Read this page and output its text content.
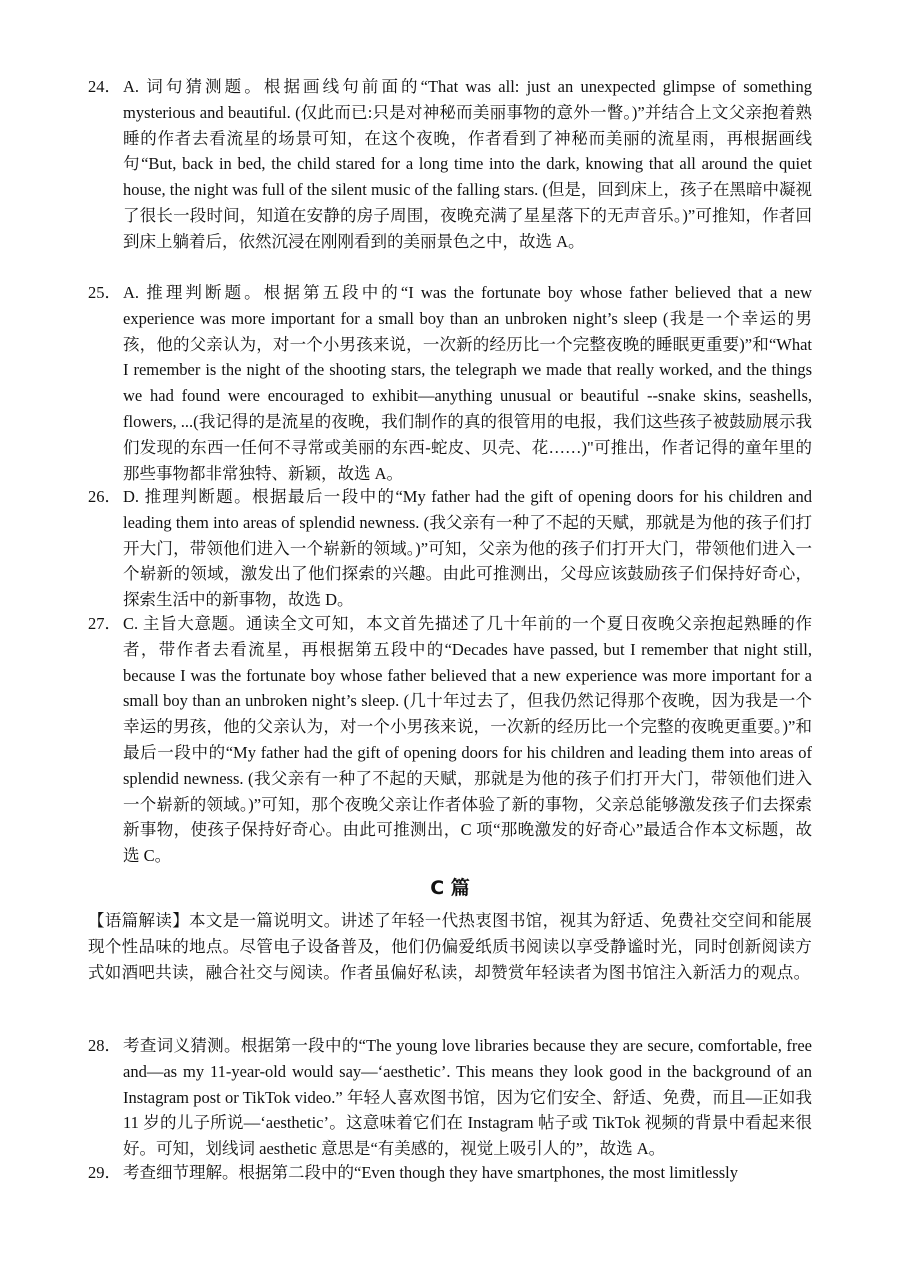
24． A. 词句猜测题。根据画线句前面的“That was all: just an unexpected glimpse of something mysterious and beautiful. (仅此而已:只是对神秘而美丽事物的意外一瞥。)”并结合上文父亲抱着熟睡的作者去看流星的场景可知，在这个夜晚，作者看到了神秘而美丽的流星雨，再根据画线句“But, back in bed, the child stared for a long time into the dark, knowing that all around the quiet house, the night was full of the silent music of the falling stars. (但是，回到床上，孩子在黑暗中凝视了很长一段时间，知道在安静的房子周围，夜晚充满了星星落下的无声音乐。)”可推知，作者回到床上躺着后，依然沉浸在刚刚看到的美丽景色之中，故选 A。
25． A. 推理判断题。根据第五段中的“I was the fortunate boy whose father believed that a new experience was more important for a small boy than an unbroken night’s sleep (我是一个幸运的男孩，他的父亲认为，对一个小男孩来说，一次新的经历比一个完整夜晚的睡眠更重要)”和“What I remember is the night of the shooting stars, the telegraph we made that really worked, and the things we had found were encouraged to exhibit—anything unusual or beautiful --snake skins, seashells, flowers, ...(我记得的是流星的夜晚，我们制作的真的很管用的电报，我们这些孩子被鼓励展示我们发现的东西一任何不寻常或美丽的东西-蛇皮、贝壳、花……)"可推出，作者记得的童年里的那些事物都非常独特、新颖，故选 A。
26． D. 推理判断题。根据最后一段中的“My father had the gift of opening doors for his children and leading them into areas of splendid newness. (我父亲有一种了不起的天赋，那就是为他的孩子们打开大门，带领他们进入一个崭新的领域。)”可知，父亲为他的孩子们打开大门，带领他们进入一个崭新的领域，激发出了他们探索的兴趣。由此可推测出，父母应该鼓励孩子们保持好奇心，探索生活中的新事物，故选 D。
27． C. 主旨大意题。通读全文可知，本文首先描述了几十年前的一个夏日夜晚父亲抱起熟睡的作者，带作者去看流星，再根据第五段中的“Decades have passed, but I remember that night still, because I was the fortunate boy whose father believed that a new experience was more important for a small boy than an unbroken night’s sleep. (几十年过去了，但我仍然记得那个夜晚，因为我是一个幸运的男孩，他的父亲认为，对一个小男孩来说，一次新的经历比一个完整的夜晚更重要。)”和最后一段中的“My father had the gift of opening doors for his children and leading them into areas of splendid newness. (我父亲有一种了不起的天赋，那就是为他的孩子们打开大门，带领他们进入一个崭新的领域。)”可知，那个夜晚父亲让作者体验了新的事物，父亲总能够激发孩子们去探索新事物，使孩子保持好奇心。由此可推测出，C 项“那晚激发的好奇心”最适合作本文标题，故选 C。
C 篇
【语篇解读】本文是一篇说明文。讲述了年轻一代热衷图书馆，视其为舒适、免费社交空间和能展现个性品味的地点。尽管电子设备普及，他们仍偏爱纸质书阅读以享受静谧时光，同时创新阅读方式如酒吧共读，融合社交与阅读。作者虽偏好私读，却赞赏年轻读者为图书馆注入新活力的观点。
28． 考查词义猜测。根据第一段中的“The young love libraries because they are secure, comfortable, free and—as my 11-year-old would say—‘aesthetic’. This means they look good in the background of an Instagram post or TikTok video.” 年轻人喜欢图书馆，因为它们安全、舒适、免费，而且—正如我 11 岁的儿子所说—‘aesthetic’。这意味着它们在 Instagram 帖子或 TikTok 视频的背景中看起来很好。可知，划线词 aesthetic 意思是“有美感的，视觉上吸引人的”，故选 A。
29． 考查细节理解。根据第二段中的“Even though they have smartphones, the most limitlessly
